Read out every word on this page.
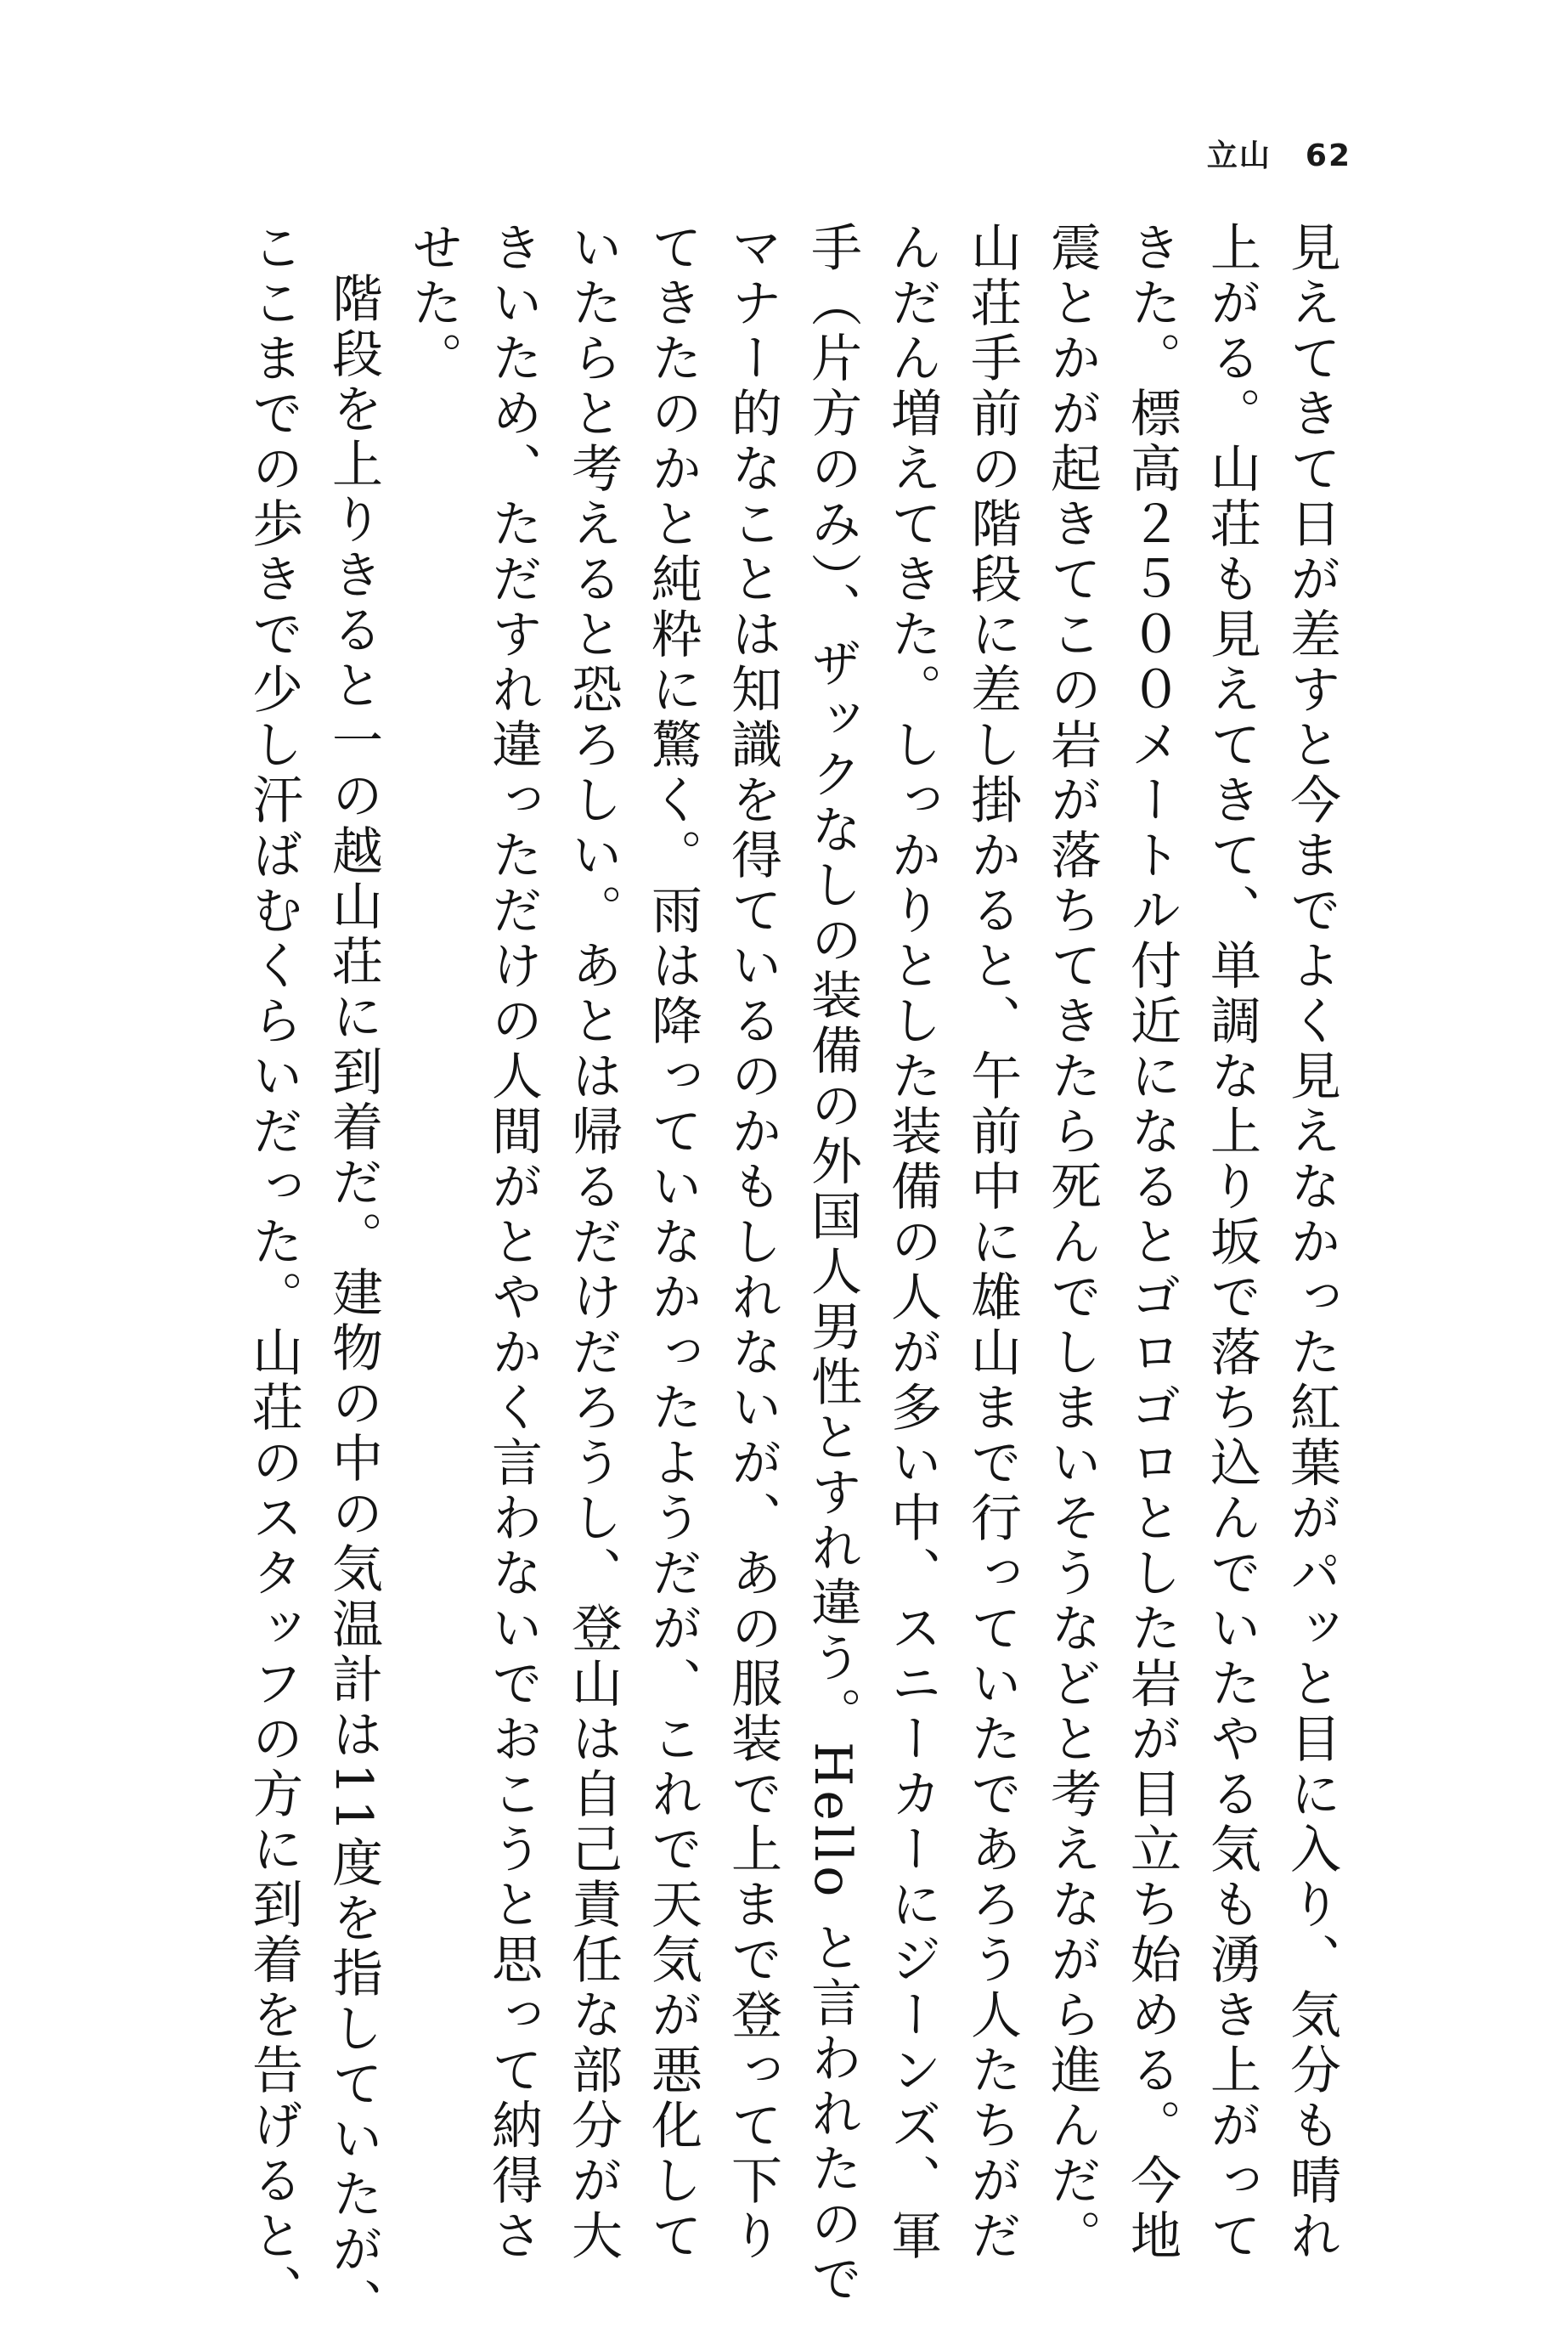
立山 62
見えてきて日が差すと今までよく見えなかった紅葉がパッと目に入り、気分も晴れ
上がる。山荘も見えてきて、単調な上り坂で落ち込んでいたやる気も湧き上がって
きた。標高２５００メートル付近になるとゴロゴロとした岩が目立ち始める。今地
震とかが起きてこの岩が落ちてきたら死んでしまいそうなどと考えながら進んだ。
山荘手前の階段に差し掛かると、午前中に雄山まで行っていたであろう人たちがだ
んだん増えてきた。しっかりとした装備の人が多い中、スニーカーにジーンズ、軍
手（片方のみ）、ザックなしの装備の外国人男性とすれ違う。Hello と言われたので
マナー的なことは知識を得ているのかもしれないが、あの服装で上まで登って下り
てきたのかと純粋に驚く。雨は降っていなかったようだが、これで天気が悪化して
いたらと考えると恐ろしい。あとは帰るだけだろうし、登山は自己責任な部分が大
きいため、ただすれ違っただけの人間がとやかく言わないでおこうと思って納得さ
せた。
階段を上りきると一の越山荘に到着だ。建物の中の気温計は11度を指していたが、
ここまでの歩きで少し汗ばむくらいだった。山荘のスタッフの方に到着を告げると、
